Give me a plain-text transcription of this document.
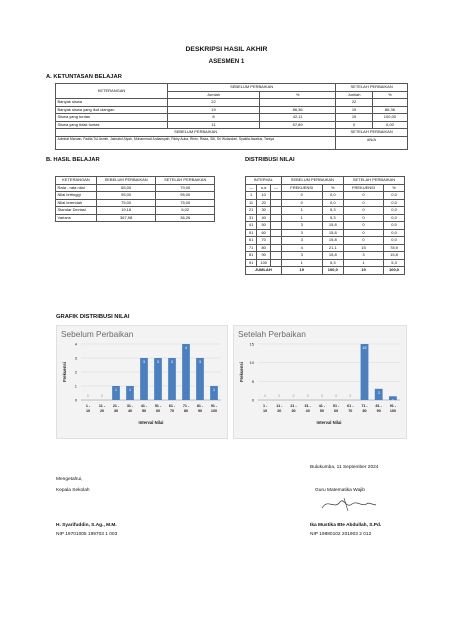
DESKRIPSI HASIL AKHIR
ASESMEN 1
A. KETUNTASAN BELAJAR
KETERANGAN	SEBELUM PERBAIKAN		SETELAH PERBAIKAN	
	Jumlah	%	Jumlah	%
Banyak siswa	22		22	
Banyak siswa yang ikut ulangan	19	86,36	19	86,36
Siswa yang tuntas	8	42,11	19	100,00
Siswa yang tidak tuntas	11	57,89	0	0,00
SEBELUM PERBAIKAN			SETELAH PERBAIKAN	
Admiral Maruan, Fadila Tul Asmih, Jaimatul Aiyah, Muhammad Ardiansyah, Ricky Auka, Rinto, Riska, Siti, Sri Wulandari, Syakila Awalius, Tarsya			#N/A	
B. HASIL BELAJAR
KETERANGAN	SEBELUM PERBAIKAN	SETELAH PERBAIKAN
Rata - rata nilai	65,00	79,00
Nilai tertinggi	95,00	95,00
Nilai terendah	75,00	75,00
Standar Deviasi	19,18	6,02
Varians	367,98	36,26
DISTRIBUSI NILAI
INTERVAL			SEBELUM PERBAIKAN		SETELAH PERBAIKAN	
—	s.d	—	FREKUENSI	%	FREKUENSI	%
1	10		0	0,0	0	0,0
11	20		0	0,0	0	0,0
21	30		1	5,3	0	0,0
31	40		1	5,3	0	0,0
41	50		3	15,8	0	0,0
51	60		3	15,8	0	0,0
61	70		3	15,8	0	0,0
71	80		4	21,1	15	78,9
81	90		3	15,8	3	15,8
91	100		1	5,3	1	5,3
JUMLAH			19	100,0	19	100,0
GRAFIK DISTRIBUSI NILAI
Sebelum Perbaikan
0
1
2
3
4
Frekuensi
0
1 -
10
0
11 -
20
1
21 -
30
1
31 -
40
3
41 -
50
3
51 -
60
3
61 -
70
4
71 -
80
3
81 -
90
1
91 -
100
Interval Nilai
Setelah Perbaikan
0
5
10
15
Frekuensi
0
1 -
10
0
11 -
20
0
21 -
30
0
31 -
40
0
41 -
50
0
51 -
60
0
61 -
70
15
71 -
80
3
81 -
90
1
91 -
100
Interval Nilai
Bulukumba, 11 September 2024
Mengetahui,
Kepala Sekolah	Guru Matematika Wajib
H. Syarifuddin, S.Ag., M.M.
NIP 19701005 199703 1 003
Ika Mustika Bte Abdullah, S.Pd.
NIP 19880102 201903 2 012
